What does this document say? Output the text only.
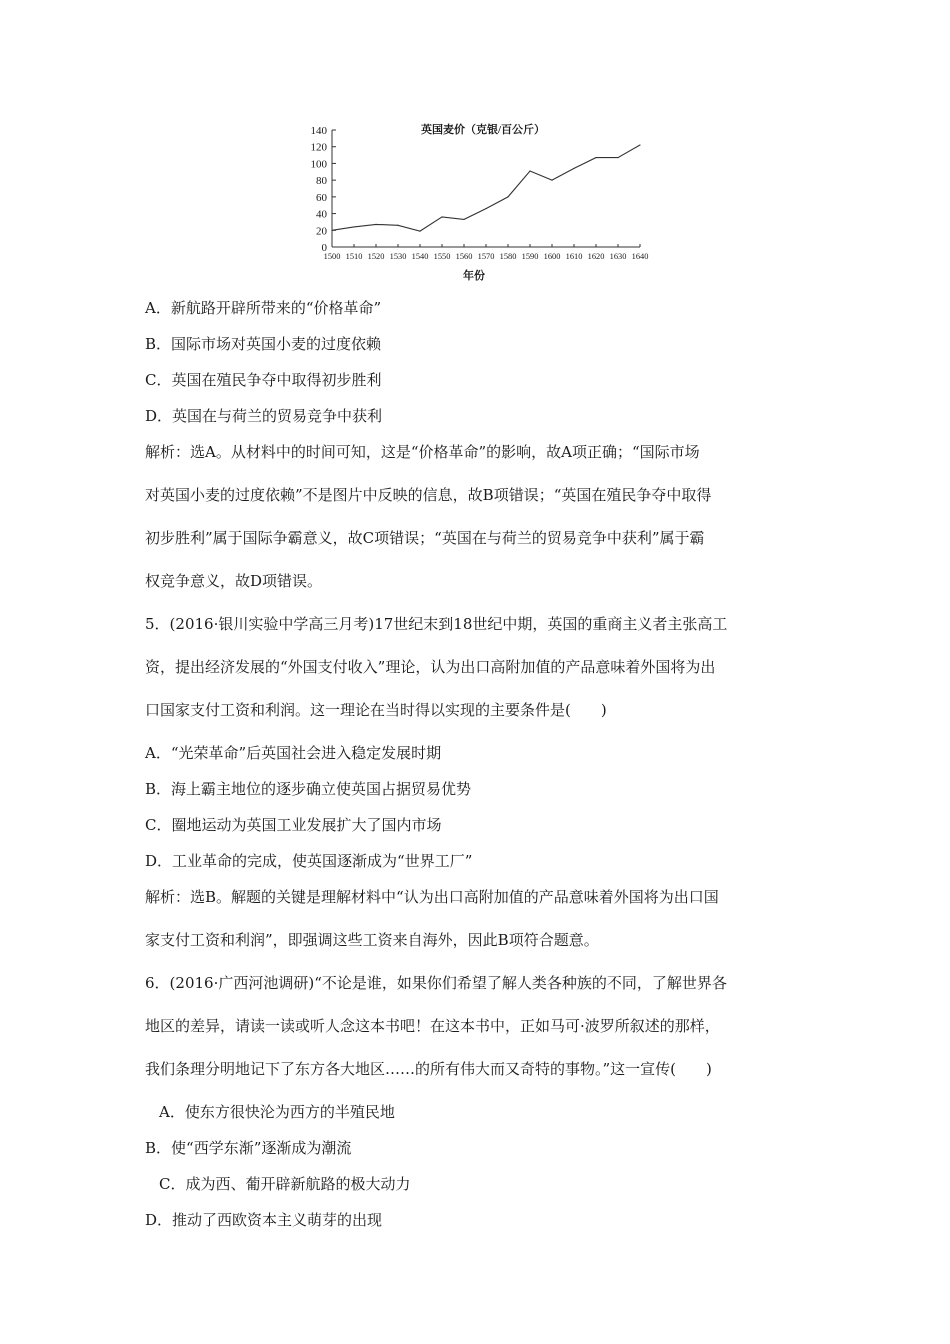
英国麦价（克银/百公斤）
0
20
40
60
80
100
120
140
1500 1510 1520 1530 1540 1550 1560 1570 1580 1590 1600 1610 1620 1630 1640
年份
A．新航路开辟所带来的“价格革命”
B．国际市场对英国小麦的过度依赖
C．英国在殖民争夺中取得初步胜利
D．英国在与荷兰的贸易竞争中获利
解析：选A。从材料中的时间可知，这是“价格革命”的影响，故A项正确；“国际市场
对英国小麦的过度依赖”不是图片中反映的信息，故B项错误；“英国在殖民争夺中取得
初步胜利”属于国际争霸意义，故C项错误；“英国在与荷兰的贸易竞争中获利”属于霸
权竞争意义，故D项错误。
5．(2016·银川实验中学高三月考)17世纪末到18世纪中期，英国的重商主义者主张高工
资，提出经济发展的“外国支付收入”理论，认为出口高附加值的产品意味着外国将为出
口国家支付工资和利润。这一理论在当时得以实现的主要条件是(　　)
A．“光荣革命”后英国社会进入稳定发展时期
B．海上霸主地位的逐步确立使英国占据贸易优势
C．圈地运动为英国工业发展扩大了国内市场
D．工业革命的完成，使英国逐渐成为“世界工厂”
解析：选B。解题的关键是理解材料中“认为出口高附加值的产品意味着外国将为出口国
家支付工资和利润”，即强调这些工资来自海外，因此B项符合题意。
6．(2016·广西河池调研)“不论是谁，如果你们希望了解人类各种族的不同，了解世界各
地区的差异，请读一读或听人念这本书吧！在这本书中，正如马可·波罗所叙述的那样，
我们条理分明地记下了东方各大地区……的所有伟大而又奇特的事物。”这一宣传(　　)
A．使东方很快沦为西方的半殖民地
B．使“西学东渐”逐渐成为潮流
C．成为西、葡开辟新航路的极大动力
D．推动了西欧资本主义萌芽的出现
